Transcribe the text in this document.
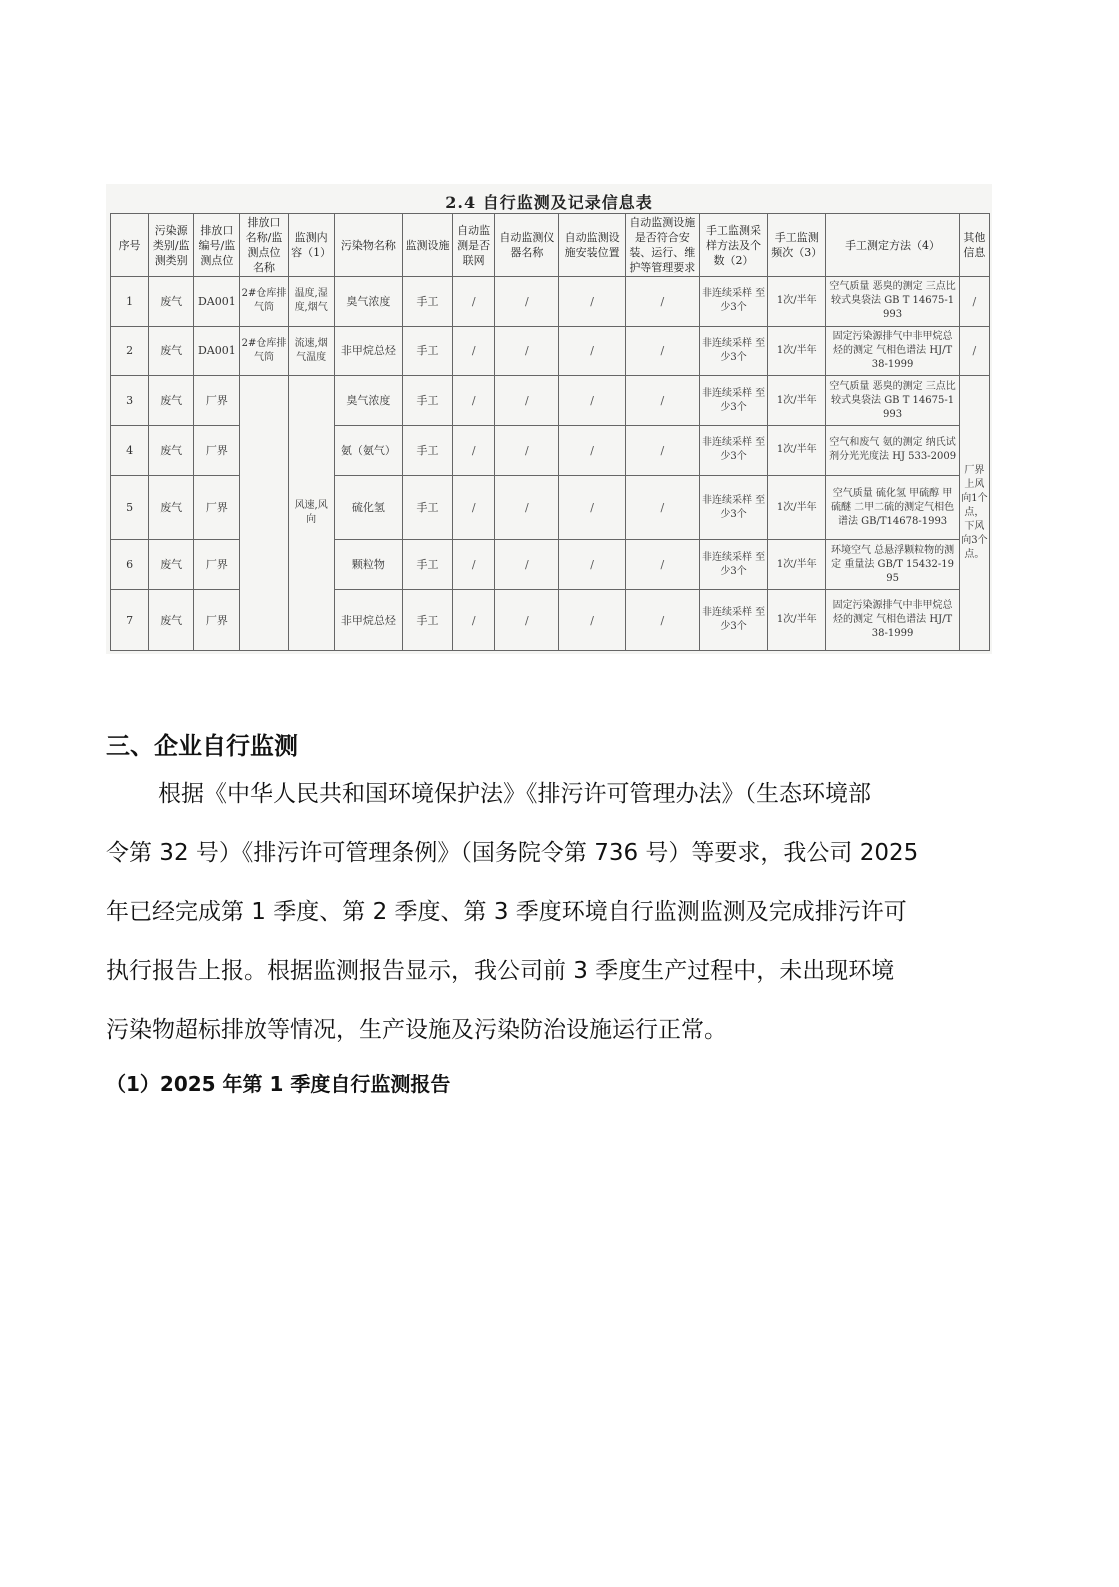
2.4 自行监测及记录信息表
序号	污染源类别/监测类别	排放口编号/监测点位	排放口名称/监测点位名称	监测内容（1）	污染物名称	监测设施	自动监测是否联网	自动监测仪器名称	自动监测设施安装位置	自动监测设施是否符合安装、运行、维护等管理要求	手工监测采样方法及个数（2）	手工监测频次（3）	手工测定方法（4）	其他信息
1	废气	DA001	2#仓库排气筒	温度,湿度,烟气	臭气浓度	手工	/	/	/	/	非连续采样 至少3个	1次/半年	空气质量 恶臭的测定 三点比较式臭袋法 GB T 14675-1993	/
2	废气	DA001	2#仓库排气筒	流速,烟气温度	非甲烷总烃	手工	/	/	/	/	非连续采样 至少3个	1次/半年	固定污染源排气中非甲烷总烃的测定 气相色谱法 HJ/T 38-1999	/
3	废气	厂界		风速,风向	臭气浓度	手工	/	/	/	/	非连续采样 至少3个	1次/半年	空气质量 恶臭的测定 三点比较式臭袋法 GB T 14675-1993	厂界上风向1个点，下风向3个点。
4	废气	厂界			氨（氨气）	手工	/	/	/	/	非连续采样 至少3个	1次/半年	空气和废气 氨的测定 纳氏试剂分光光度法 HJ 533-2009	
5	废气	厂界			硫化氢	手工	/	/	/	/	非连续采样 至少3个	1次/半年	空气质量 硫化氢 甲硫醇 甲硫醚 二甲二硫的测定气相色谱法 GB/T14678-1993	
6	废气	厂界			颗粒物	手工	/	/	/	/	非连续采样 至少3个	1次/半年	环境空气 总悬浮颗粒物的测定 重量法 GB/T 15432-1995	
7	废气	厂界			非甲烷总烃	手工	/	/	/	/	非连续采样 至少3个	1次/半年	固定污染源排气中非甲烷总烃的测定 气相色谱法 HJ/T 38-1999	
三、企业自行监测
根据《中华人民共和国环境保护法》《排污许可管理办法》（生态环境部
令第 32 号）《排污许可管理条例》（国务院令第 736 号）等要求，我公司 2025
年已经完成第 1 季度、第 2 季度、第 3 季度环境自行监测监测及完成排污许可
执行报告上报。根据监测报告显示，我公司前 3 季度生产过程中，未出现环境
污染物超标排放等情况，生产设施及污染防治设施运行正常。
（1）2025 年第 1 季度自行监测报告
